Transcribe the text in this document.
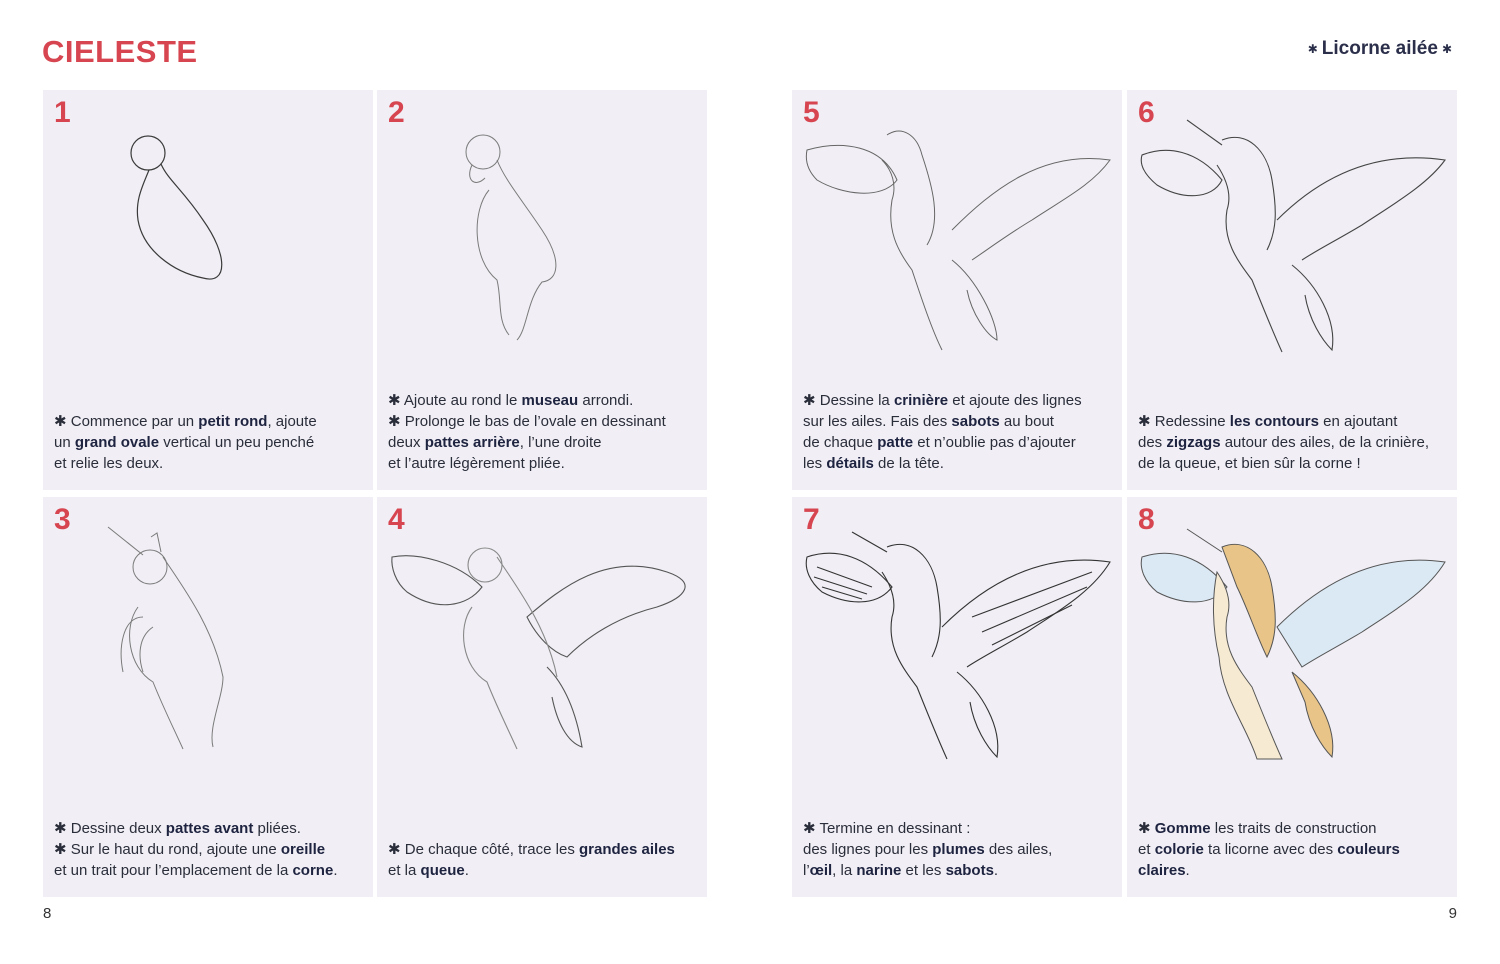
CIELESTE	✱ Licorne ailée ✱
1

✱ Commence par un petit rond, ajoute

un grand ovale vertical un peu penché

et relie les deux.

2

✱ Ajoute au rond le museau arrondi.

✱ Prolonge le bas de l’ovale en dessinant

deux pattes arrière, l’une droite

et l’autre légèrement pliée.

3

✱ Dessine deux pattes avant pliées.

✱ Sur le haut du rond, ajoute une oreille

et un trait pour l’emplacement de la corne.

4

✱ De chaque côté, trace les grandes ailes

et la queue.

5

✱ Dessine la crinière et ajoute des lignes

sur les ailes. Fais des sabots au bout

de chaque patte et n’oublie pas d’ajouter

les détails de la tête.

6

✱ Redessine les contours en ajoutant

des zigzags autour des ailes, de la crinière,

de la queue, et bien sûr la corne !

7

✱ Termine en dessinant :

des lignes pour les plumes des ailes,

l’œil, la narine et les sabots.

8

✱ Gomme les traits de construction

et colorie ta licorne avec des couleurs

claires.

8	9
